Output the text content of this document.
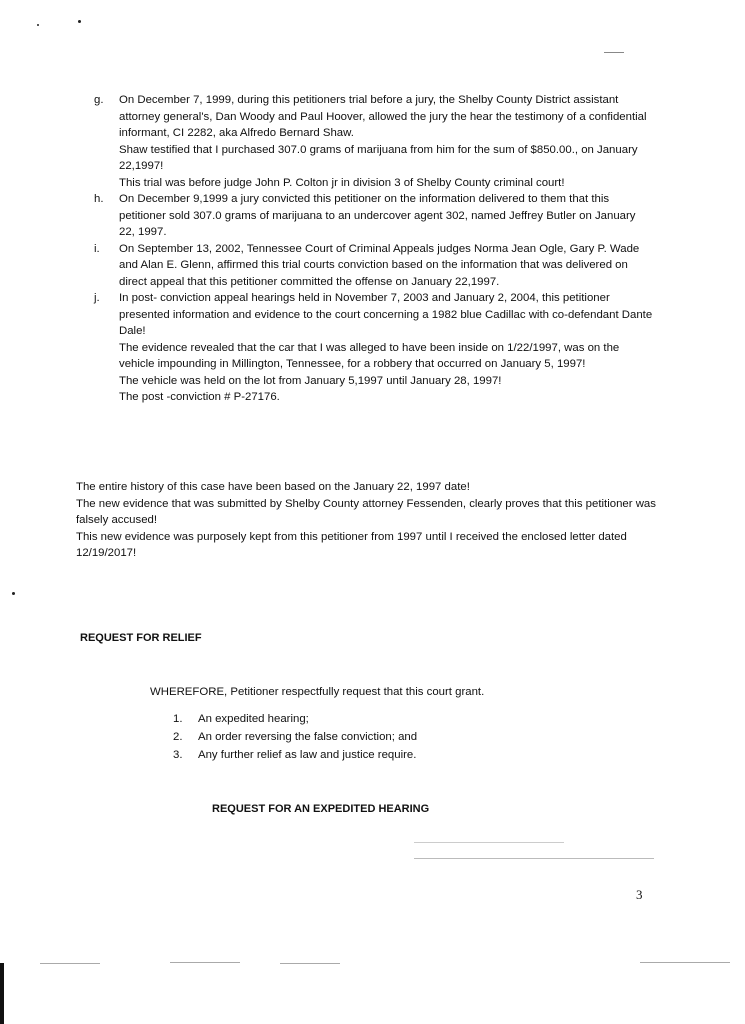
g.	On December 7, 1999, during this petitioners trial before a jury, the Shelby County District assistant attorney general's, Dan Woody and Paul Hoover, allowed the jury the hear the testimony of a confidential informant, CI 2282, aka Alfredo Bernard Shaw.

Shaw testified that I purchased 307.0 grams of marijuana from him for the sum of $850.00., on January 22,1997!

This trial was before judge John P. Colton jr in division 3 of Shelby County criminal court!

h.	On December 9,1999 a jury convicted this petitioner on the information delivered to them that this petitioner sold 307.0 grams of marijuana to an undercover agent 302, named Jeffrey Butler on January 22, 1997.

i.	On September 13, 2002, Tennessee Court of Criminal Appeals judges Norma Jean Ogle, Gary P. Wade and Alan E. Glenn, affirmed this trial courts conviction based on the information that was delivered on direct appeal that this petitioner committed the offense on January 22,1997.

j.	In post- conviction appeal hearings held in November 7, 2003 and January 2, 2004, this petitioner presented information and evidence to the court concerning a 1982 blue Cadillac with co-defendant Dante Dale!

The evidence revealed that the car that I was alleged to have been inside on 1/22/1997, was on the vehicle impounding in Millington, Tennessee, for a robbery that occurred on January 5, 1997!

The vehicle was held on the lot from January 5,1997 until January 28, 1997!

The post -conviction # P-27176.

The entire history of this case have been based on the January 22, 1997 date!

The new evidence that was submitted by Shelby County attorney Fessenden, clearly proves that this petitioner was falsely accused!

This new evidence was purposely kept from this petitioner from 1997 until I received the enclosed letter dated 12/19/2017!

REQUEST FOR RELIEF
WHEREFORE, Petitioner respectfully request that this court grant.
1. An expedited hearing;
2. An order reversing the false conviction; and
3. Any further relief as law and justice require.
REQUEST FOR AN EXPEDITED HEARING
3
